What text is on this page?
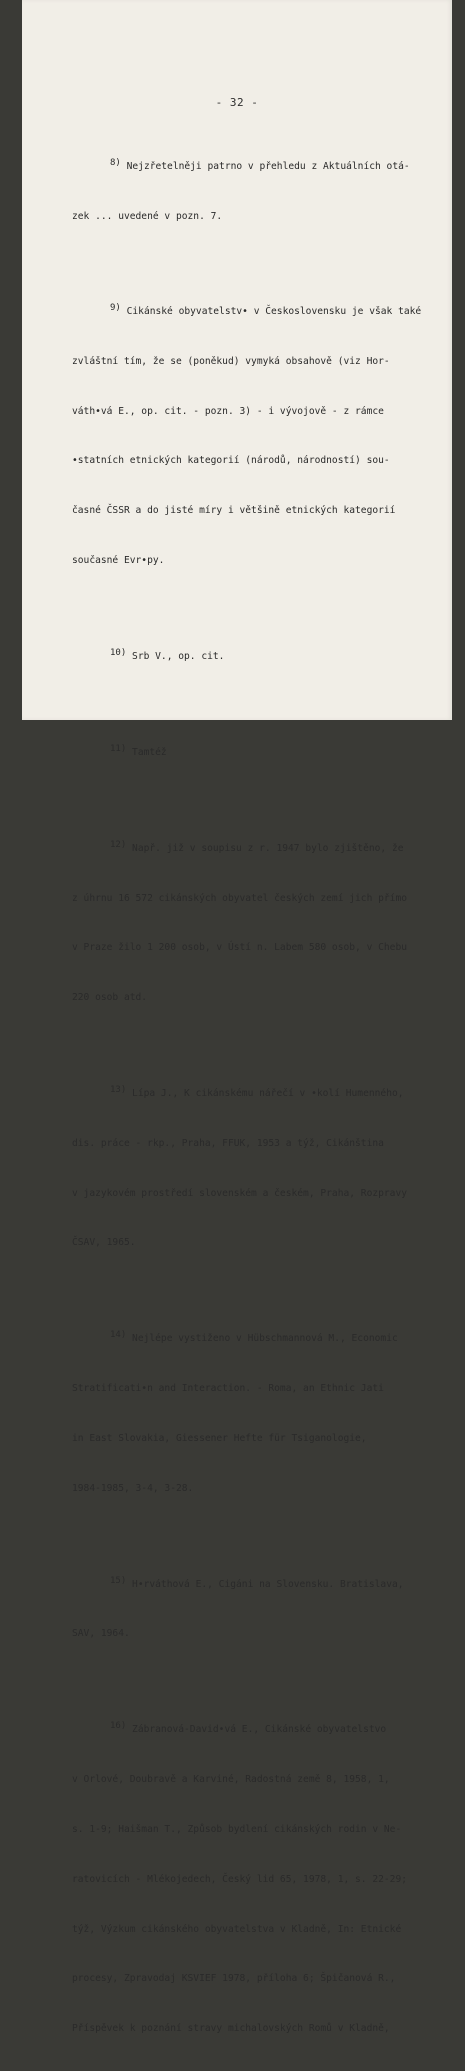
- 32 -

$^{8)}$ Nejzřetelněji patrno v přehledu z Aktuálních otá-

zek ... uvedené v pozn. 7.

$^{9)}$ Cikánské obyvatelstv• v Československu je však také

zvláštní tím, že se (poněkud) vymyká obsahově (viz Hor-

váth•vá E., op. cit. - pozn. 3) - i vývojově - z rámce

•statních etnických kategorií (národů, národností) sou-

časné ČSSR a do jisté míry i většině etnických kategorií

současné Evr•py.

$^{10)}$ Srb V., op. cit.

$^{11)}$ Tamtéž

$^{12)}$ Např. již v soupisu z r. 1947 bylo zjištěno, že

z úhrnu 16 572 cikánských obyvatel českých zemí jich přímo

v Praze žilo 1 200 osob, v Ústí n. Labem 580 osob, v Chebu

220 osob atd.

$^{13)}$ Lípa J., K cikánskému nářečí v •kolí Humenného,

dis. práce - rkp., Praha, FFUK, 1953 a týž, Cikánština

v jazykovém prostředí slovenském a českém, Praha, Rozpravy

ČSAV, 1965.

$^{14)}$ Nejlépe vystiženo v Hübschmannová M., Economic

Stratificati•n and Interaction. - Roma, an Ethnic Jati

in East Slovakia, Giessener Hefte für Tsiganologie,

1984-1985, 3-4, 3-28.

$^{15)}$ H•rváthová E., Cigáni na Slovensku. Bratislava,

SAV, 1964.

$^{16)}$ Zábranová-David•vá E., Cikánské obyvatelstvo

v Orlové, Doubravě a Karviné, Radostná země 8, 1958, 1,

s. 1-9; Haišman T., Způsob bydlení cikánských rodin v Ne-

ratovicích - Mlékojedech, Český lid 65, 1978, 1, s. 22-29;

týž, Výzkum cikánského obyvatelstva v Kladně, In: Etnické

procesy, Zpravodaj KSVIEF 1978, příloha 6; Špičanová R.,

Příspěvek k poznání stravy michalovských Romů v Kladně,
